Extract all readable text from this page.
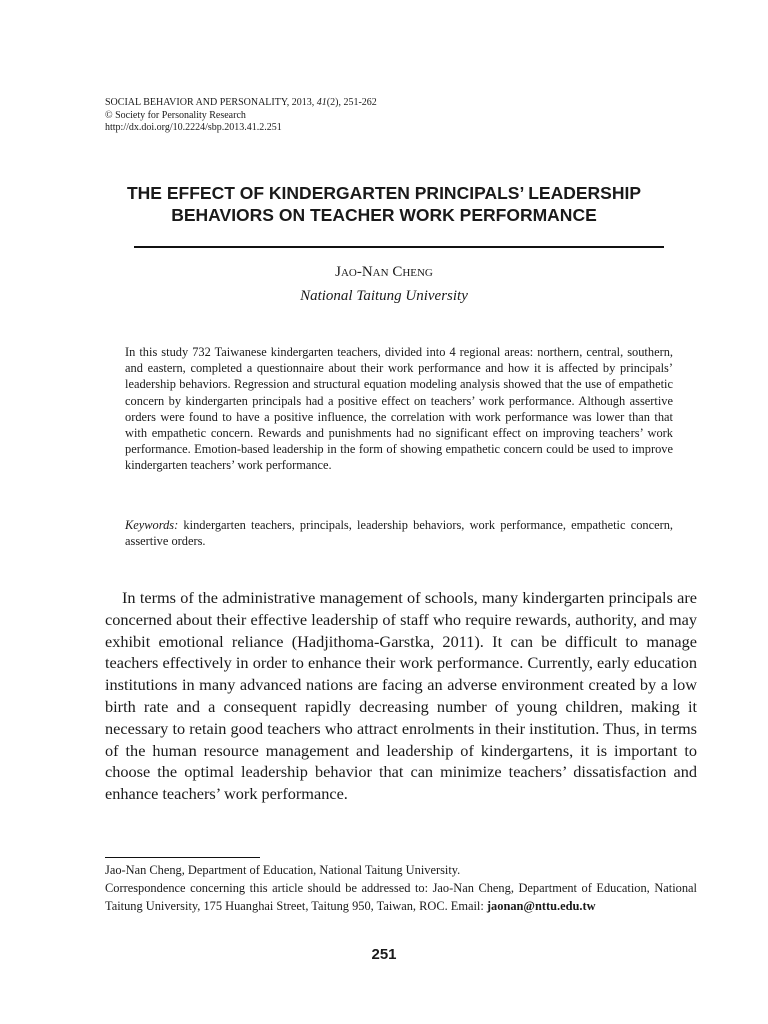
SOCIAL BEHAVIOR AND PERSONALITY, 2013, 41(2), 251-262
© Society for Personality Research
http://dx.doi.org/10.2224/sbp.2013.41.2.251
THE EFFECT OF KINDERGARTEN PRINCIPALS’ LEADERSHIP
BEHAVIORS ON TEACHER WORK PERFORMANCE
Jao-Nan Cheng
National Taitung University

In this study 732 Taiwanese kindergarten teachers, divided into 4 regional areas: northern, central, southern, and eastern, completed a questionnaire about their work performance and how it is affected by principals’ leadership behaviors. Regression and structural equation modeling analysis showed that the use of empathetic concern by kindergarten principals had a positive effect on teachers’ work performance. Although assertive orders were found to have a positive influence, the correlation with work performance was lower than that with empathetic concern. Rewards and punishments had no significant effect on improving teachers’ work performance. Emotion-based leadership in the form of showing empathetic concern could be used to improve kindergarten teachers’ work performance.

Keywords: kindergarten teachers, principals, leadership behaviors, work performance, empathetic concern, assertive orders.

In terms of the administrative management of schools, many kindergarten principals are concerned about their effective leadership of staff who require rewards, authority, and may exhibit emotional reliance (Hadjithoma-Garstka, 2011). It can be difficult to manage teachers effectively in order to enhance their work performance. Currently, early education institutions in many advanced nations are facing an adverse environment created by a low birth rate and a consequent rapidly decreasing number of young children, making it necessary to retain good teachers who attract enrolments in their institution. Thus, in terms of the human resource management and leadership of kindergartens, it is important to choose the optimal leadership behavior that can minimize teachers’ dissatisfaction and enhance teachers’ work performance.

Jao-Nan Cheng, Department of Education, National Taitung University.

Correspondence concerning this article should be addressed to: Jao-Nan Cheng, Department of Education, National Taitung University, 175 Huanghai Street, Taitung 950, Taiwan, ROC. Email: jaonan@nttu.edu.tw

251
